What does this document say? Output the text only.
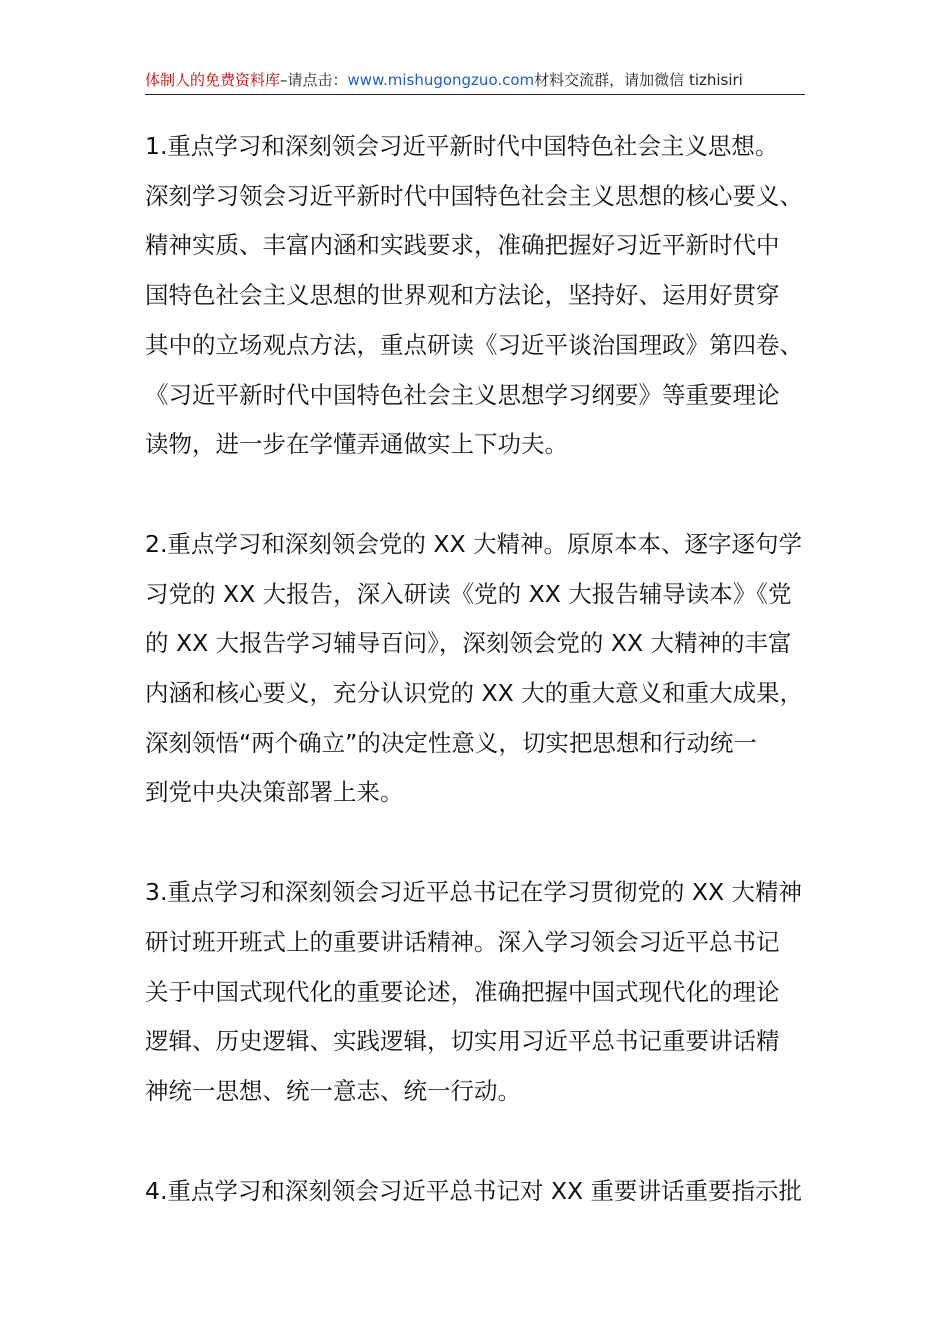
体制人的免费资料库–请点击：www.mishugongzuo.com材料交流群，请加微信 tizhisiri

1.重点学习和深刻领会习近平新时代中国特色社会主义思想。
深刻学习领会习近平新时代中国特色社会主义思想的核心要义、
精神实质、丰富内涵和实践要求，准确把握好习近平新时代中
国特色社会主义思想的世界观和方法论，坚持好、运用好贯穿
其中的立场观点方法，重点研读《习近平谈治国理政》第四卷、
《习近平新时代中国特色社会主义思想学习纲要》等重要理论
读物，进一步在学懂弄通做实上下功夫。

2.重点学习和深刻领会党的 XX 大精神。原原本本、逐字逐句学
习党的 XX 大报告，深入研读《党的 XX 大报告辅导读本》《党
的 XX 大报告学习辅导百问》，深刻领会党的 XX 大精神的丰富
内涵和核心要义，充分认识党的 XX 大的重大意义和重大成果，
深刻领悟“两个确立”的决定性意义，切实把思想和行动统一
到党中央决策部署上来。

3.重点学习和深刻领会习近平总书记在学习贯彻党的 XX 大精神
研讨班开班式上的重要讲话精神。深入学习领会习近平总书记
关于中国式现代化的重要论述，准确把握中国式现代化的理论
逻辑、历史逻辑、实践逻辑，切实用习近平总书记重要讲话精
神统一思想、统一意志、统一行动。

4.重点学习和深刻领会习近平总书记对 XX 重要讲话重要指示批
